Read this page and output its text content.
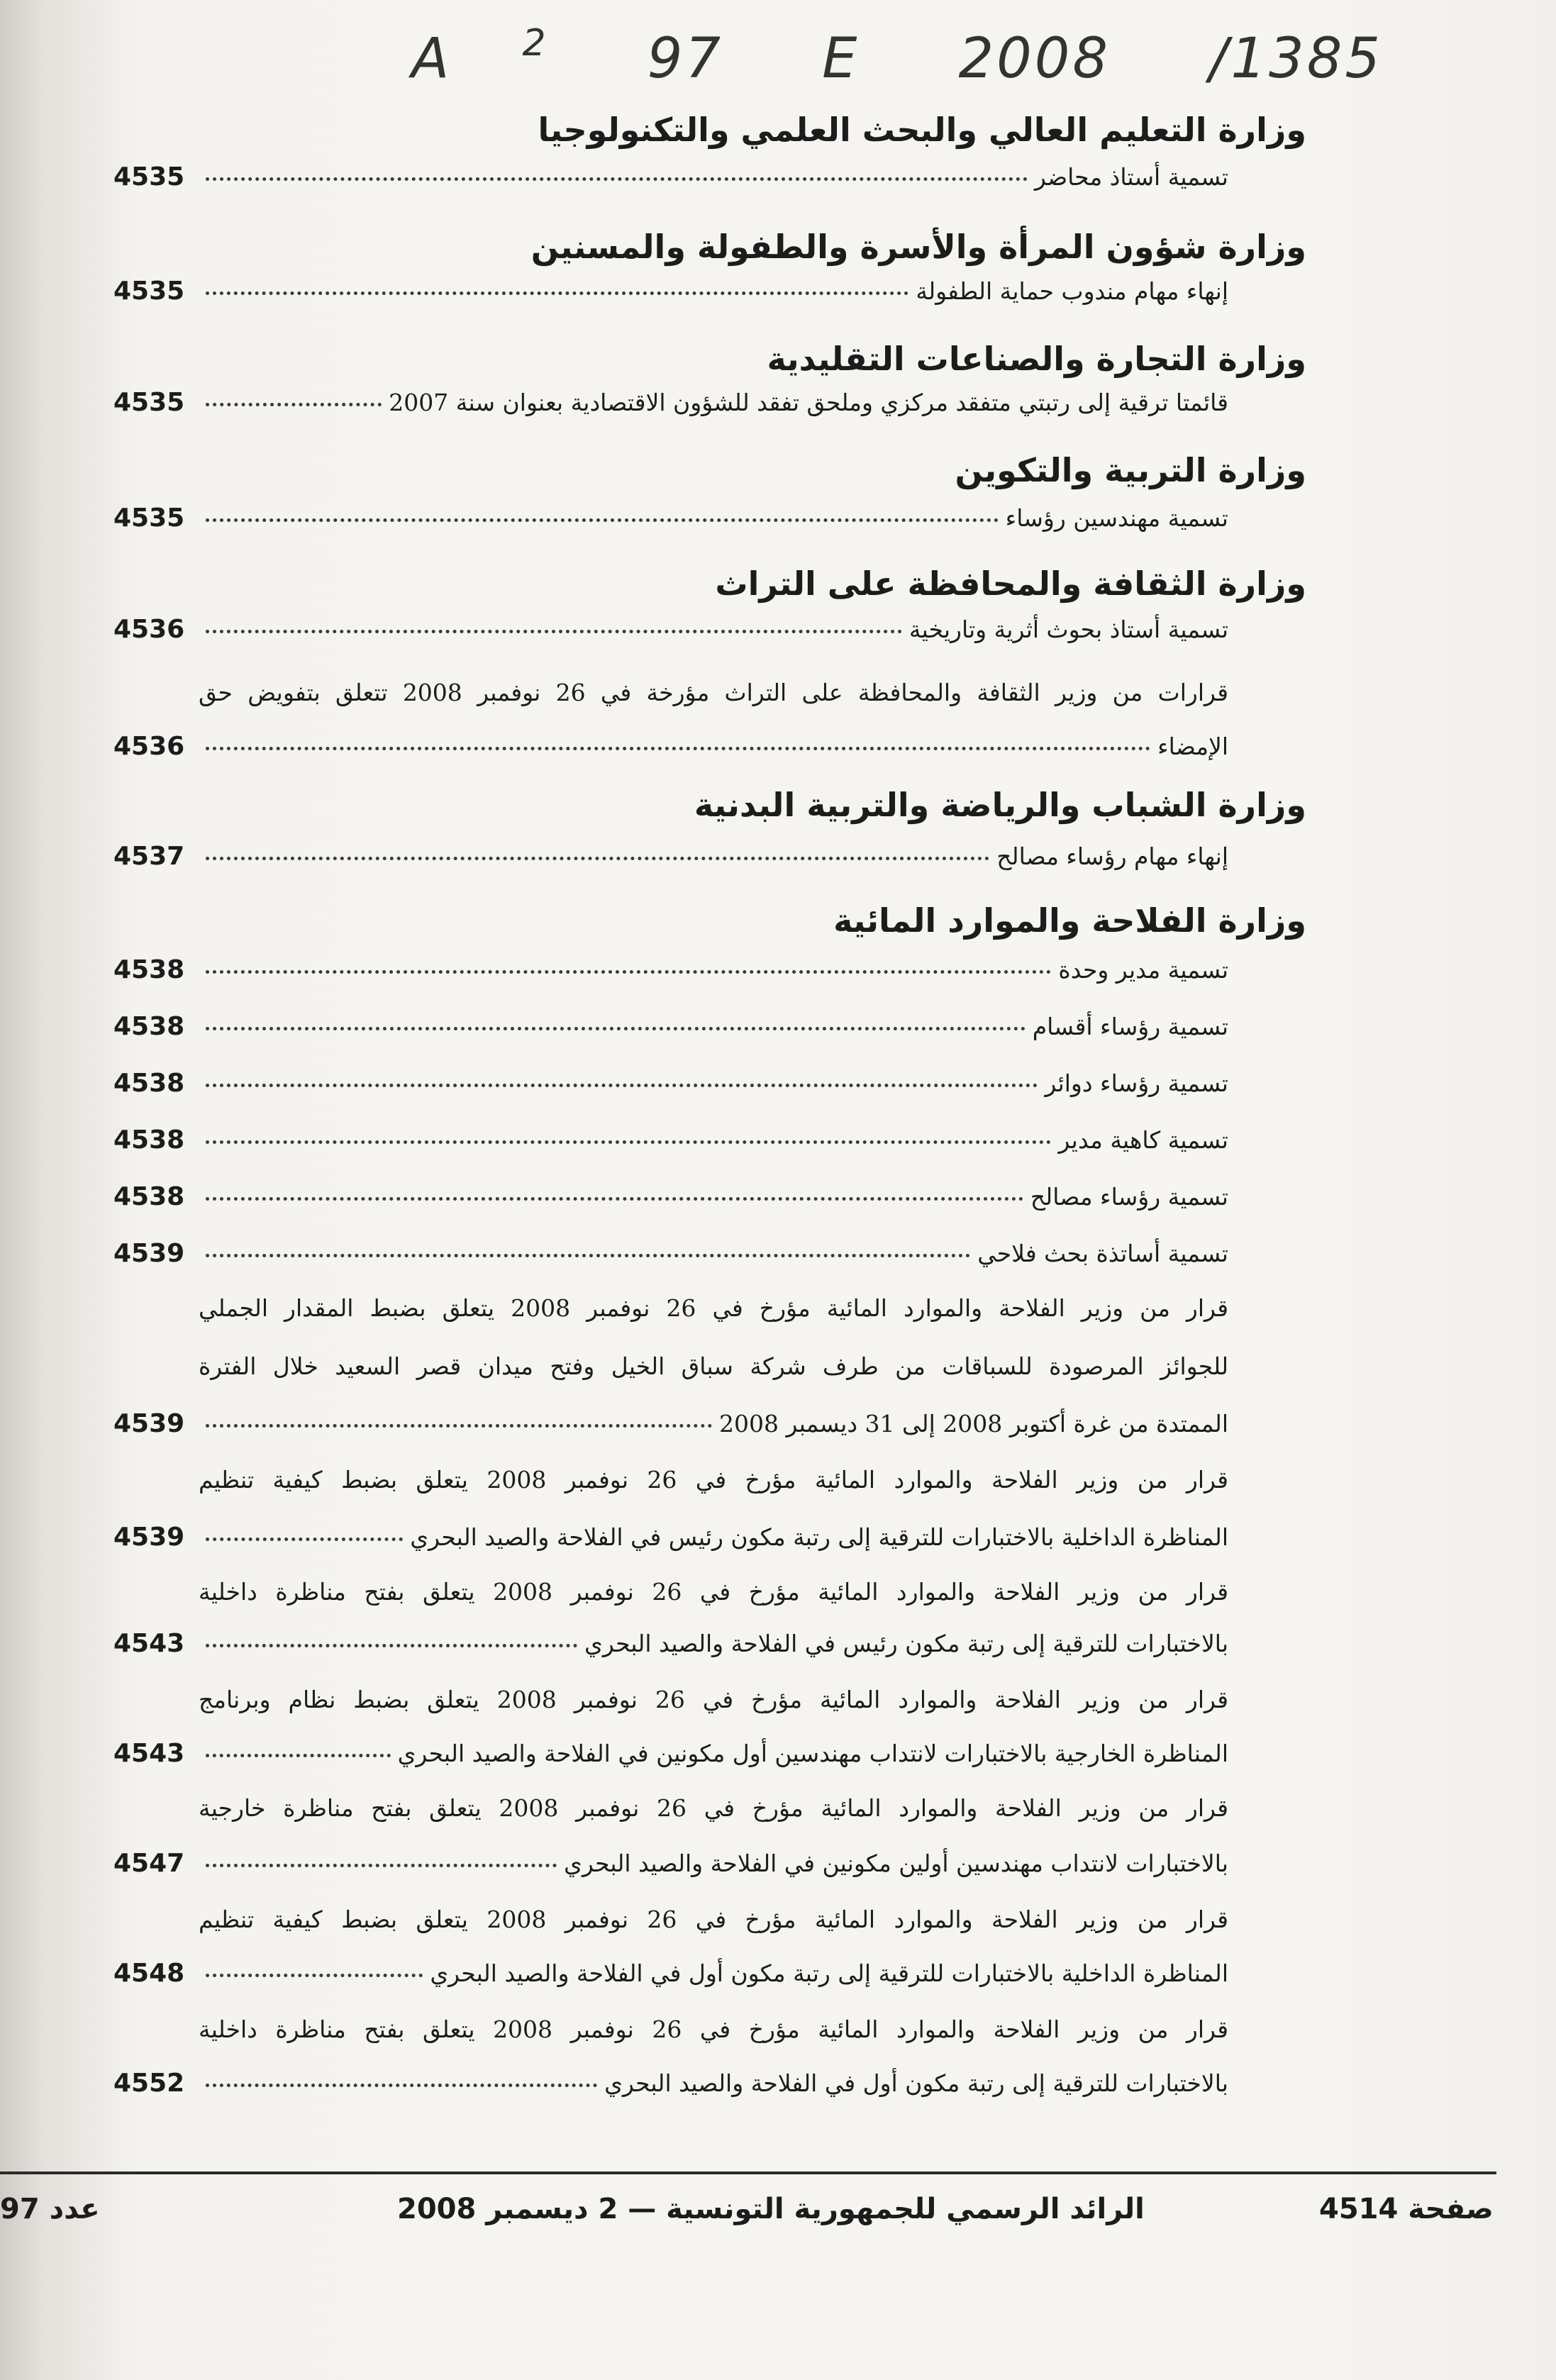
A 2 97 E 2008 /1385
وزارة التعليم العالي والبحث العلمي والتكنولوجيا
تسمية أستاذ محاضر
4535
وزارة شؤون المرأة والأسرة والطفولة والمسنين
إنهاء مهام مندوب حماية الطفولة
4535
وزارة التجارة والصناعات التقليدية
قائمتا ترقية إلى رتبتي متفقد مركزي وملحق تفقد للشؤون الاقتصادية بعنوان سنة 2007
4535
وزارة التربية والتكوين
تسمية مهندسين رؤساء
4535
وزارة الثقافة والمحافظة على التراث
تسمية أستاذ بحوث أثرية وتاريخية
4536
قرارات من وزير الثقافة والمحافظة على التراث مؤرخة في 26 نوفمبر 2008 تتعلق بتفويض حق
الإمضاء
4536
وزارة الشباب والرياضة والتربية البدنية
إنهاء مهام رؤساء مصالح
4537
وزارة الفلاحة والموارد المائية
تسمية مدير وحدة
4538
تسمية رؤساء أقسام
4538
تسمية رؤساء دوائر
4538
تسمية كاهية مدير
4538
تسمية رؤساء مصالح
4538
تسمية أساتذة بحث فلاحي
4539
قرار من وزير الفلاحة والموارد المائية مؤرخ في 26 نوفمبر 2008 يتعلق بضبط المقدار الجملي
للجوائز المرصودة للسباقات من طرف شركة سباق الخيل وفتح ميدان قصر السعيد خلال الفترة
الممتدة من غرة أكتوبر 2008 إلى 31 ديسمبر 2008
4539
قرار من وزير الفلاحة والموارد المائية مؤرخ في 26 نوفمبر 2008 يتعلق بضبط كيفية تنظيم
المناظرة الداخلية بالاختبارات للترقية إلى رتبة مكون رئيس في الفلاحة والصيد البحري
4539
قرار من وزير الفلاحة والموارد المائية مؤرخ في 26 نوفمبر 2008 يتعلق بفتح مناظرة داخلية
بالاختبارات للترقية إلى رتبة مكون رئيس في الفلاحة والصيد البحري
4543
قرار من وزير الفلاحة والموارد المائية مؤرخ في 26 نوفمبر 2008 يتعلق بضبط نظام وبرنامج
المناظرة الخارجية بالاختبارات لانتداب مهندسين أول مكونين في الفلاحة والصيد البحري
4543
قرار من وزير الفلاحة والموارد المائية مؤرخ في 26 نوفمبر 2008 يتعلق بفتح مناظرة خارجية
بالاختبارات لانتداب مهندسين أولين مكونين في الفلاحة والصيد البحري
4547
قرار من وزير الفلاحة والموارد المائية مؤرخ في 26 نوفمبر 2008 يتعلق بضبط كيفية تنظيم
المناظرة الداخلية بالاختبارات للترقية إلى رتبة مكون أول في الفلاحة والصيد البحري
4548
قرار من وزير الفلاحة والموارد المائية مؤرخ في 26 نوفمبر 2008 يتعلق بفتح مناظرة داخلية
بالاختبارات للترقية إلى رتبة مكون أول في الفلاحة والصيد البحري
4552
عدد 97	الرائد الرسمي للجمهورية التونسية — 2 ديسمبر 2008	صفحة 4514
